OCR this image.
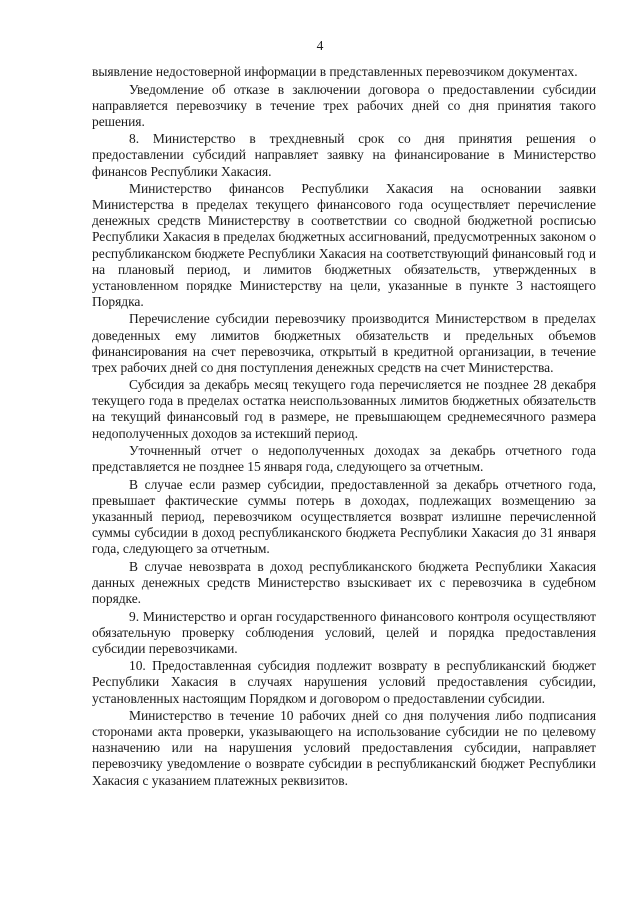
4

выявление недостоверной информации в представленных перевозчиком документах.

Уведомление об отказе в заключении договора о предоставлении субсидии направляется перевозчику в течение трех рабочих дней со дня принятия такого решения.

8. Министерство в трехдневный срок со дня принятия решения о предоставлении субсидий направляет заявку на финансирование в Министерство финансов Республики Хакасия.

Министерство финансов Республики Хакасия на основании заявки Министерства в пределах текущего финансового года осуществляет перечисление денежных средств Министерству в соответствии со сводной бюджетной росписью Республики Хакасия в пределах бюджетных ассигнований, предусмотренных законом о республиканском бюджете Республики Хакасия на соответствующий финансовый год и на плановый период, и лимитов бюджетных обязательств, утвержденных в установленном порядке Министерству на цели, указанные в пункте 3 настоящего Порядка.

Перечисление субсидии перевозчику производится Министерством в пределах доведенных ему лимитов бюджетных обязательств и предельных объемов финансирования на счет перевозчика, открытый в кредитной организации, в течение трех рабочих дней со дня поступления денежных средств на счет Министерства.

Субсидия за декабрь месяц текущего года перечисляется не позднее 28 декабря текущего года в пределах остатка неиспользованных лимитов бюджетных обязательств на текущий финансовый год в размере, не превышающем среднемесячного размера недополученных доходов за истекший период.

Уточненный отчет о недополученных доходах за декабрь отчетного года представляется не позднее 15 января года, следующего за отчетным.

В случае если размер субсидии, предоставленной за декабрь отчетного года, превышает фактические суммы потерь в доходах, подлежащих возмещению за указанный период, перевозчиком осуществляется возврат излишне перечисленной суммы субсидии в доход республиканского бюджета Республики Хакасия до 31 января года, следующего за отчетным.

В случае невозврата в доход республиканского бюджета Республики Хакасия данных денежных средств Министерство взыскивает их с перевозчика в судебном порядке.

9. Министерство и орган государственного финансового контроля осуществляют обязательную проверку соблюдения условий, целей и порядка предоставления субсидии перевозчиками.

10. Предоставленная субсидия подлежит возврату в республиканский бюджет Республики Хакасия в случаях нарушения условий предоставления субсидии, установленных настоящим Порядком и договором о предоставлении субсидии.

Министерство в течение 10 рабочих дней со дня получения либо подписания сторонами акта проверки, указывающего на использование субсидии не по целевому назначению или на нарушения условий предоставления субсидии, направляет перевозчику уведомление о возврате субсидии в республиканский бюджет Республики Хакасия с указанием платежных реквизитов.
